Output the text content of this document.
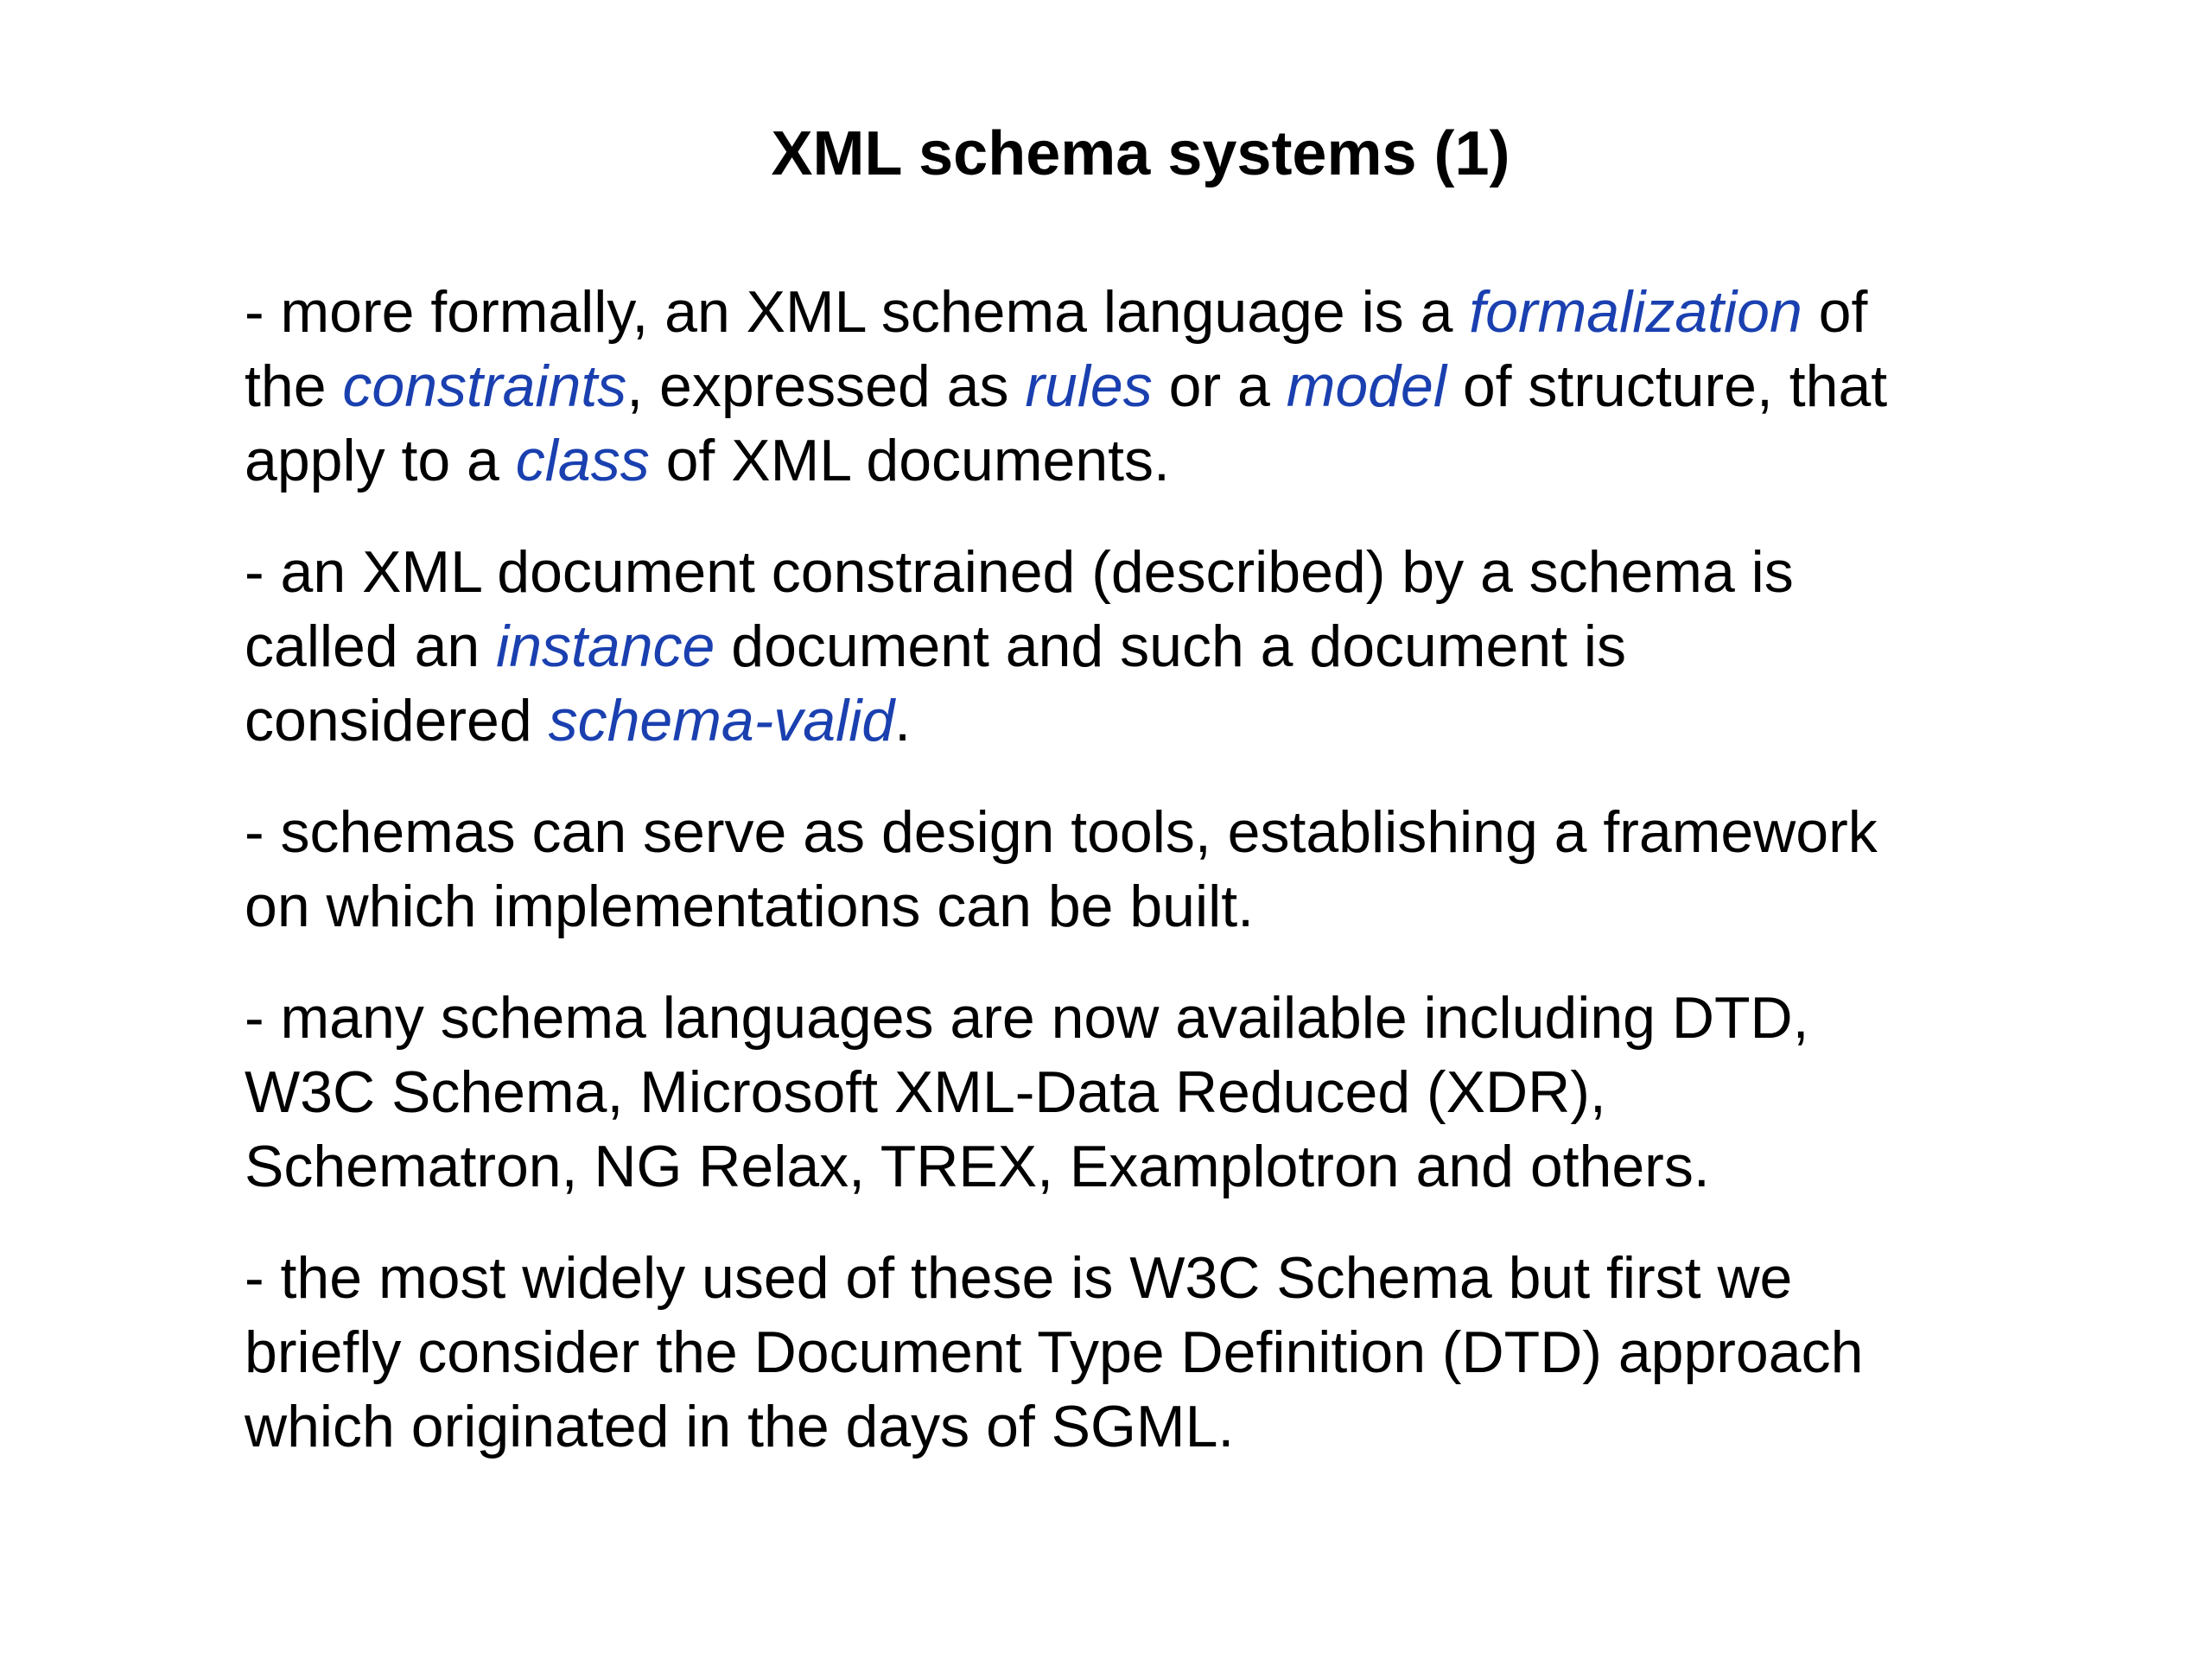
XML schema systems (1)

- more formally, an XML schema language is a formalization of
the constraints, expressed as rules or a model of structure, that
apply to a class of XML documents.

- an XML document constrained (described) by a schema is
called an instance document and such a document is
considered schema-valid.

- schemas can serve as design tools, establishing a framework
on which implementations can be built.

- many schema languages are now available including DTD,
W3C Schema, Microsoft XML-Data Reduced (XDR),
Schematron, NG Relax, TREX, Examplotron and others.

- the most widely used of these is W3C Schema but first we
briefly consider the Document Type Definition (DTD) approach
which originated in the days of SGML.
